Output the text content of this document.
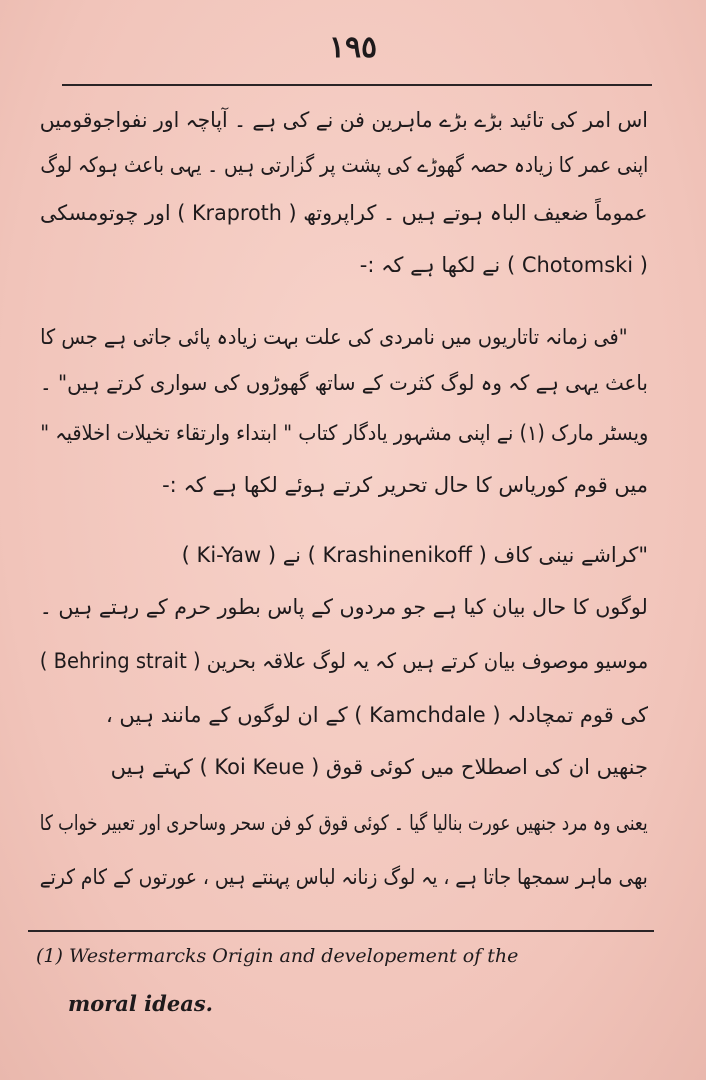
١٩٥
اس امر کی تائید بڑے بڑے ماہرین فن نے کی ہے ۔ آپاچہ اور نفواجوقومیں
اپنی عمر کا زیادہ حصہ گھوڑے کی پشت پر گزارتی ہیں ۔ یہی باعث ہوکہ لوگ
عموماً ضعیف الباہ ہوتے ہیں ۔ کراپروتھ ( Kraproth ) اور چوتومسکی
( Chotomski ) نے لکھا ہے کہ :-
"فی زمانہ تاتاریوں میں نامردی کی علت بہت زیادہ پائی جاتی ہے جس کا
باعث یہی ہے کہ وہ لوگ کثرت کے ساتھ گھوڑوں کی سواری کرتے ہیں" ۔
ویسٹر مارک (۱) نے اپنی مشہور یادگار کتاب " ابتداء وارتقاء تخیلات اخلاقیہ "
میں قوم کوریاس کا حال تحریر کرتے ہوئے لکھا ہے کہ :-
"کراشے نینی کاف ( Krashinenikoff ) نے ( Ki-Yaw )
لوگوں کا حال بیان کیا ہے جو مردوں کے پاس بطور حرم کے رہتے ہیں ۔
موسیو موصوف بیان کرتے ہیں کہ یہ لوگ علاقہ بحرین ( Behring strait )
کی قوم تمچادلہ ( Kamchdale ) کے ان لوگوں کے مانند ہیں ،
جنھیں ان کی اصطلاح میں کوئی قوق ( Koi Keue ) کہتے ہیں
یعنی وہ مرد جنھیں عورت بنالیا گیا ۔ کوئی قوق کو فن سحر وساحری اور تعبیر خواب کا
بھی ماہر سمجھا جاتا ہے ، یہ لوگ زنانہ لباس پہنتے ہیں ، عورتوں کے کام کرتے
(1) Westermarcks Origin and developement of the
moral ideas.
